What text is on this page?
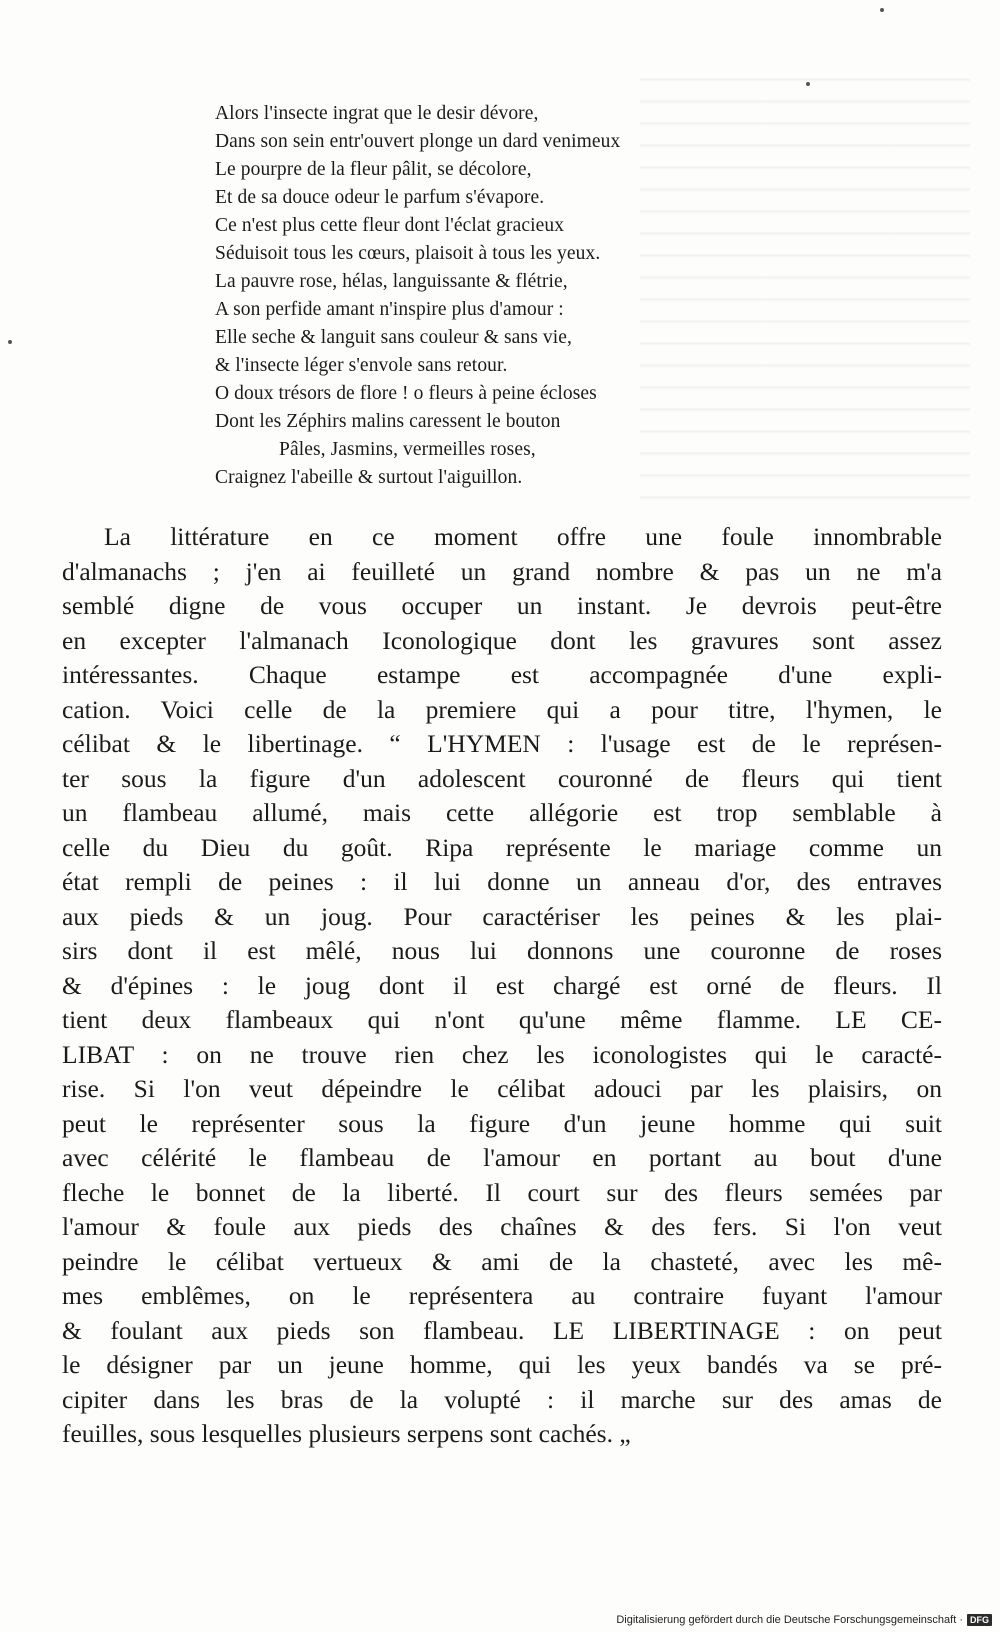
Alors l'insecte ingrat que le desir dévore,
Dans son sein entr'ouvert plonge un dard venimeux
Le pourpre de la fleur pâlit, se décolore,
Et de sa douce odeur le parfum s'évapore.
Ce n'est plus cette fleur dont l'éclat gracieux
Séduisoit tous les cœurs, plaisoit à tous les yeux.
La pauvre rose, hélas, languissante & flétrie,
A son perfide amant n'inspire plus d'amour :
Elle seche & languit sans couleur & sans vie,
& l'insecte léger s'envole sans retour.
O doux trésors de flore ! o fleurs à peine écloses
Dont les Zéphirs malins caressent le bouton
Pâles, Jasmins, vermeilles roses,
Craignez l'abeille & surtout l'aiguillon.
La littérature en ce moment offre une foule innombrable
d'almanachs ; j'en ai feuilleté un grand nombre & pas un ne m'a
semblé digne de vous occuper un instant. Je devrois peut-être
en excepter l'almanach Iconologique dont les gravures sont assez
intéressantes. Chaque estampe est accompagnée d'une expli-
cation. Voici celle de la premiere qui a pour titre, l'hymen, le
célibat & le libertinage. “ L'HYMEN : l'usage est de le représen-
ter sous la figure d'un adolescent couronné de fleurs qui tient
un flambeau allumé, mais cette allégorie est trop semblable à
celle du Dieu du goût. Ripa représente le mariage comme un
état rempli de peines : il lui donne un anneau d'or, des entraves
aux pieds & un joug. Pour caractériser les peines & les plai-
sirs dont il est mêlé, nous lui donnons une couronne de roses
& d'épines : le joug dont il est chargé est orné de fleurs. Il
tient deux flambeaux qui n'ont qu'une même flamme. LE CE-
LIBAT : on ne trouve rien chez les iconologistes qui le caracté-
rise. Si l'on veut dépeindre le célibat adouci par les plaisirs, on
peut le représenter sous la figure d'un jeune homme qui suit
avec célérité le flambeau de l'amour en portant au bout d'une
fleche le bonnet de la liberté. Il court sur des fleurs semées par
l'amour & foule aux pieds des chaînes & des fers. Si l'on veut
peindre le célibat vertueux & ami de la chasteté, avec les mê-
mes emblêmes, on le représentera au contraire fuyant l'amour
& foulant aux pieds son flambeau. LE LIBERTINAGE : on peut
le désigner par un jeune homme, qui les yeux bandés va se pré-
cipiter dans les bras de la volupté : il marche sur des amas de
feuilles, sous lesquelles plusieurs serpens sont cachés. „
Digitalisierung gefördert durch die Deutsche Forschungsgemeinschaft · DFG
